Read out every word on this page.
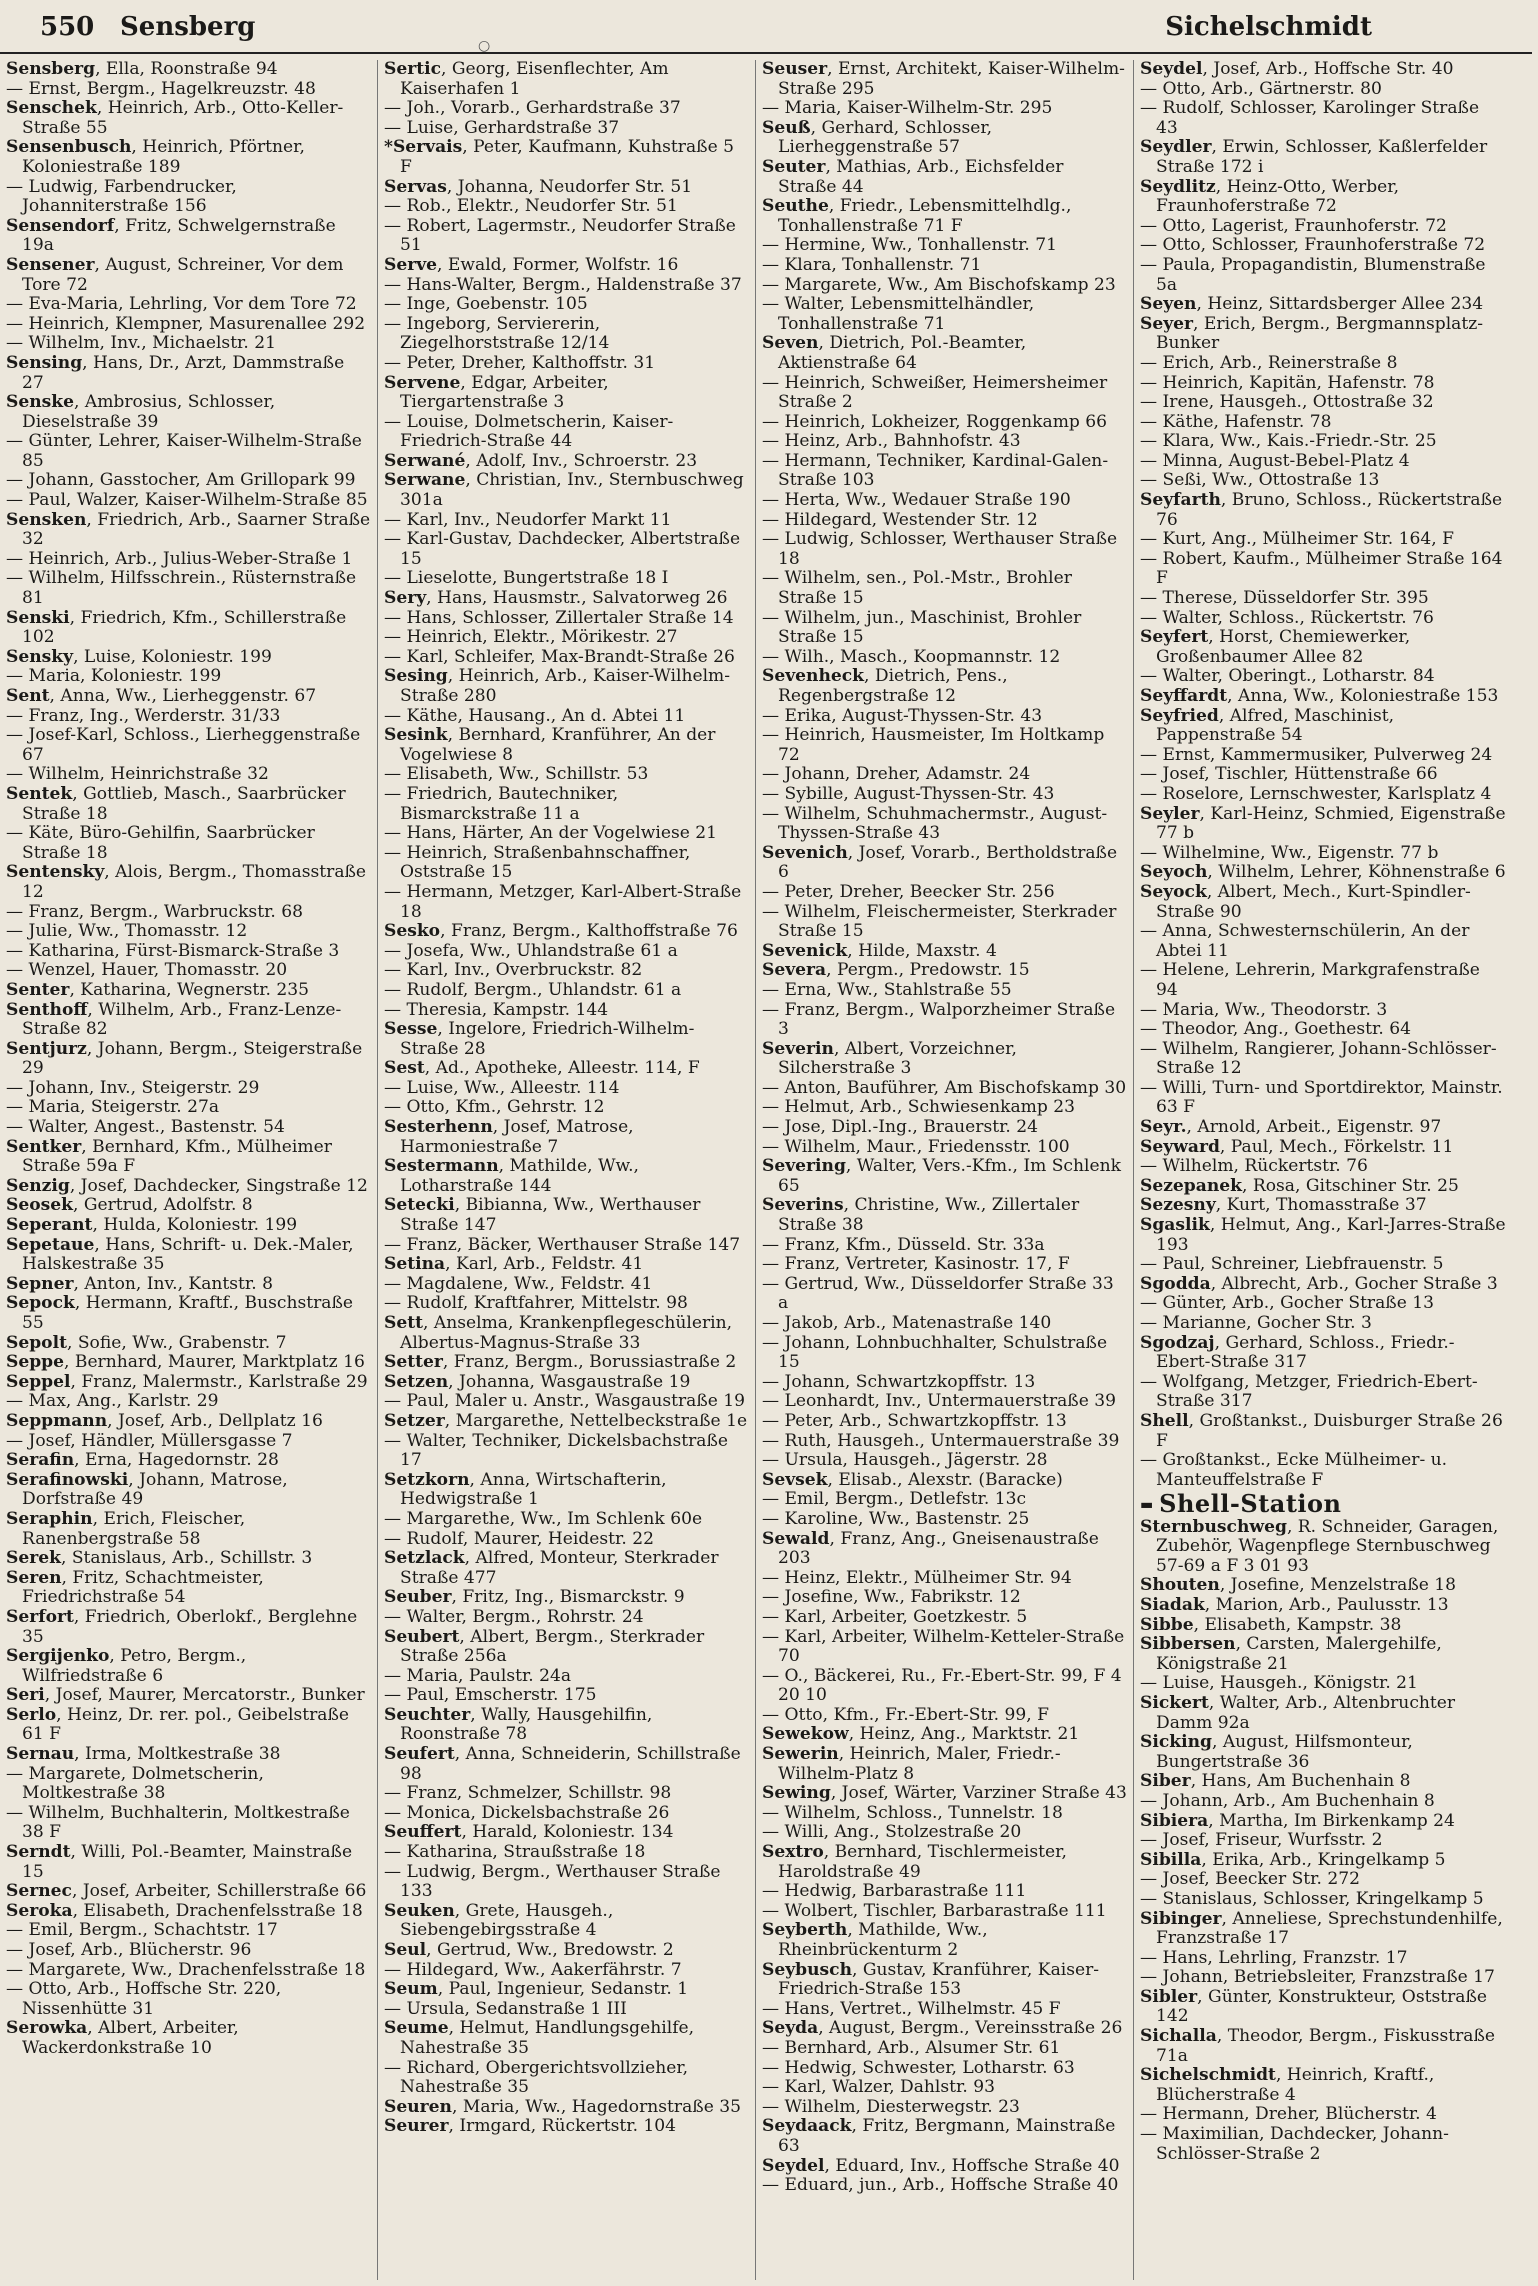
550 Sensberg
○
Sichelschmidt

Sensberg, Ella, Roonstraße 94

— Ernst, Bergm., Hagelkreuzstr. 48

Senschek, Heinrich, Arb., Otto-Keller-Straße 55

Sensenbusch, Heinrich, Pförtner, Koloniestraße 189

— Ludwig, Farbendrucker, Johanniterstraße 156

Sensendorf, Fritz, Schwelgernstraße 19a

Sensener, August, Schreiner, Vor dem Tore 72

— Eva-Maria, Lehrling, Vor dem Tore 72

— Heinrich, Klempner, Masurenallee 292

— Wilhelm, Inv., Michaelstr. 21

Sensing, Hans, Dr., Arzt, Dammstraße 27

Senske, Ambrosius, Schlosser, Dieselstraße 39

— Günter, Lehrer, Kaiser-Wilhelm-Straße 85

— Johann, Gasstocher, Am Grillopark 99

— Paul, Walzer, Kaiser-Wilhelm-Straße 85

Sensken, Friedrich, Arb., Saarner Straße 32

— Heinrich, Arb., Julius-Weber-Straße 1

— Wilhelm, Hilfsschrein., Rüsternstraße 81

Senski, Friedrich, Kfm., Schillerstraße 102

Sensky, Luise, Koloniestr. 199

— Maria, Koloniestr. 199

Sent, Anna, Ww., Lierheggenstr. 67

— Franz, Ing., Werderstr. 31/33

— Josef-Karl, Schloss., Lierheggenstraße 67

— Wilhelm, Heinrichstraße 32

Sentek, Gottlieb, Masch., Saarbrücker Straße 18

— Käte, Büro-Gehilfin, Saarbrücker Straße 18

Sentensky, Alois, Bergm., Thomasstraße 12

— Franz, Bergm., Warbruckstr. 68

— Julie, Ww., Thomasstr. 12

— Katharina, Fürst-Bismarck-Straße 3

— Wenzel, Hauer, Thomasstr. 20

Senter, Katharina, Wegnerstr. 235

Senthoff, Wilhelm, Arb., Franz-Lenze-Straße 82

Sentjurz, Johann, Bergm., Steigerstraße 29

— Johann, Inv., Steigerstr. 29

— Maria, Steigerstr. 27a

— Walter, Angest., Bastenstr. 54

Sentker, Bernhard, Kfm., Mülheimer Straße 59a F

Senzig, Josef, Dachdecker, Singstraße 12

Seosek, Gertrud, Adolfstr. 8

Seperant, Hulda, Koloniestr. 199

Sepetaue, Hans, Schrift- u. Dek.-Maler, Halskestraße 35

Sepner, Anton, Inv., Kantstr. 8

Sepock, Hermann, Kraftf., Buschstraße 55

Sepolt, Sofie, Ww., Grabenstr. 7

Seppe, Bernhard, Maurer, Marktplatz 16

Seppel, Franz, Malermstr., Karlstraße 29

— Max, Ang., Karlstr. 29

Seppmann, Josef, Arb., Dellplatz 16

— Josef, Händler, Müllersgasse 7

Serafin, Erna, Hagedornstr. 28

Serafinowski, Johann, Matrose, Dorfstraße 49

Seraphin, Erich, Fleischer, Ranenbergstraße 58

Serek, Stanislaus, Arb., Schillstr. 3

Seren, Fritz, Schachtmeister, Friedrichstraße 54

Serfort, Friedrich, Oberlokf., Berglehne 35

Sergijenko, Petro, Bergm., Wilfriedstraße 6

Seri, Josef, Maurer, Mercatorstr., Bunker

Serlo, Heinz, Dr. rer. pol., Geibelstraße 61 F

Sernau, Irma, Moltkestraße 38

— Margarete, Dolmetscherin, Moltkestraße 38

— Wilhelm, Buchhalterin, Moltkestraße 38 F

Serndt, Willi, Pol.-Beamter, Mainstraße 15

Sernec, Josef, Arbeiter, Schillerstraße 66

Seroka, Elisabeth, Drachenfelsstraße 18

— Emil, Bergm., Schachtstr. 17

— Josef, Arb., Blücherstr. 96

— Margarete, Ww., Drachenfelsstraße 18

— Otto, Arb., Hoffsche Str. 220, Nissenhütte 31

Serowka, Albert, Arbeiter, Wackerdonkstraße 10

Sertic, Georg, Eisenflechter, Am Kaiserhafen 1

— Joh., Vorarb., Gerhardstraße 37

— Luise, Gerhardstraße 37

*Servais, Peter, Kaufmann, Kuhstraße 5 F

Servas, Johanna, Neudorfer Str. 51

— Rob., Elektr., Neudorfer Str. 51

— Robert, Lagermstr., Neudorfer Straße 51

Serve, Ewald, Former, Wolfstr. 16

— Hans-Walter, Bergm., Haldenstraße 37

— Inge, Goebenstr. 105

— Ingeborg, Serviererin, Ziegelhorststraße 12/14

— Peter, Dreher, Kalthoffstr. 31

Servene, Edgar, Arbeiter, Tiergartenstraße 3

— Louise, Dolmetscherin, Kaiser-Friedrich-Straße 44

Serwané, Adolf, Inv., Schroerstr. 23

Serwane, Christian, Inv., Sternbuschweg 301a

— Karl, Inv., Neudorfer Markt 11

— Karl-Gustav, Dachdecker, Albertstraße 15

— Lieselotte, Bungertstraße 18 I

Sery, Hans, Hausmstr., Salvatorweg 26

— Hans, Schlosser, Zillertaler Straße 14

— Heinrich, Elektr., Mörikestr. 27

— Karl, Schleifer, Max-Brandt-Straße 26

Sesing, Heinrich, Arb., Kaiser-Wilhelm-Straße 280

— Käthe, Hausang., An d. Abtei 11

Sesink, Bernhard, Kranführer, An der Vogelwiese 8

— Elisabeth, Ww., Schillstr. 53

— Friedrich, Bautechniker, Bismarckstraße 11 a

— Hans, Härter, An der Vogelwiese 21

— Heinrich, Straßenbahnschaffner, Oststraße 15

— Hermann, Metzger, Karl-Albert-Straße 18

Sesko, Franz, Bergm., Kalthoffstraße 76

— Josefa, Ww., Uhlandstraße 61 a

— Karl, Inv., Overbruckstr. 82

— Rudolf, Bergm., Uhlandstr. 61 a

— Theresia, Kampstr. 144

Sesse, Ingelore, Friedrich-Wilhelm-Straße 28

Sest, Ad., Apotheke, Alleestr. 114, F

— Luise, Ww., Alleestr. 114

— Otto, Kfm., Gehrstr. 12

Sesterhenn, Josef, Matrose, Harmoniestraße 7

Sestermann, Mathilde, Ww., Lotharstraße 144

Setecki, Bibianna, Ww., Werthauser Straße 147

— Franz, Bäcker, Werthauser Straße 147

Setina, Karl, Arb., Feldstr. 41

— Magdalene, Ww., Feldstr. 41

— Rudolf, Kraftfahrer, Mittelstr. 98

Sett, Anselma, Krankenpflegeschülerin, Albertus-Magnus-Straße 33

Setter, Franz, Bergm., Borussiastraße 2

Setzen, Johanna, Wasgaustraße 19

— Paul, Maler u. Anstr., Wasgaustraße 19

Setzer, Margarethe, Nettelbeckstraße 1e

— Walter, Techniker, Dickelsbachstraße 17

Setzkorn, Anna, Wirtschafterin, Hedwigstraße 1

— Margarethe, Ww., Im Schlenk 60e

— Rudolf, Maurer, Heidestr. 22

Setzlack, Alfred, Monteur, Sterkrader Straße 477

Seuber, Fritz, Ing., Bismarckstr. 9

— Walter, Bergm., Rohrstr. 24

Seubert, Albert, Bergm., Sterkrader Straße 256a

— Maria, Paulstr. 24a

— Paul, Emscherstr. 175

Seuchter, Wally, Hausgehilfin, Roonstraße 78

Seufert, Anna, Schneiderin, Schillstraße 98

— Franz, Schmelzer, Schillstr. 98

— Monica, Dickelsbachstraße 26

Seuffert, Harald, Koloniestr. 134

— Katharina, Straußstraße 18

— Ludwig, Bergm., Werthauser Straße 133

Seuken, Grete, Hausgeh., Siebengebirgsstraße 4

Seul, Gertrud, Ww., Bredowstr. 2

— Hildegard, Ww., Aakerfährstr. 7

Seum, Paul, Ingenieur, Sedanstr. 1

— Ursula, Sedanstraße 1 III

Seume, Helmut, Handlungsgehilfe, Nahestraße 35

— Richard, Obergerichtsvollzieher, Nahestraße 35

Seuren, Maria, Ww., Hagedornstraße 35

Seurer, Irmgard, Rückertstr. 104

Seuser, Ernst, Architekt, Kaiser-Wilhelm-Straße 295

— Maria, Kaiser-Wilhelm-Str. 295

Seuß, Gerhard, Schlosser, Lierheggenstraße 57

Seuter, Mathias, Arb., Eichsfelder Straße 44

Seuthe, Friedr., Lebensmittelhdlg., Tonhallenstraße 71 F

— Hermine, Ww., Tonhallenstr. 71

— Klara, Tonhallenstr. 71

— Margarete, Ww., Am Bischofskamp 23

— Walter, Lebensmittelhändler, Tonhallenstraße 71

Seven, Dietrich, Pol.-Beamter, Aktienstraße 64

— Heinrich, Schweißer, Heimersheimer Straße 2

— Heinrich, Lokheizer, Roggenkamp 66

— Heinz, Arb., Bahnhofstr. 43

— Hermann, Techniker, Kardinal-Galen-Straße 103

— Herta, Ww., Wedauer Straße 190

— Hildegard, Westender Str. 12

— Ludwig, Schlosser, Werthauser Straße 18

— Wilhelm, sen., Pol.-Mstr., Brohler Straße 15

— Wilhelm, jun., Maschinist, Brohler Straße 15

— Wilh., Masch., Koopmannstr. 12

Sevenheck, Dietrich, Pens., Regenbergstraße 12

— Erika, August-Thyssen-Str. 43

— Heinrich, Hausmeister, Im Holtkamp 72

— Johann, Dreher, Adamstr. 24

— Sybille, August-Thyssen-Str. 43

— Wilhelm, Schuhmachermstr., August-Thyssen-Straße 43

Sevenich, Josef, Vorarb., Bertholdstraße 6

— Peter, Dreher, Beecker Str. 256

— Wilhelm, Fleischermeister, Sterkrader Straße 15

Sevenick, Hilde, Maxstr. 4

Severa, Pergm., Predowstr. 15

— Erna, Ww., Stahlstraße 55

— Franz, Bergm., Walporzheimer Straße 3

Severin, Albert, Vorzeichner, Silcherstraße 3

— Anton, Bauführer, Am Bischofskamp 30

— Helmut, Arb., Schwiesenkamp 23

— Jose, Dipl.-Ing., Brauerstr. 24

— Wilhelm, Maur., Friedensstr. 100

Severing, Walter, Vers.-Kfm., Im Schlenk 65

Severins, Christine, Ww., Zillertaler Straße 38

— Franz, Kfm., Düsseld. Str. 33a

— Franz, Vertreter, Kasinostr. 17, F

— Gertrud, Ww., Düsseldorfer Straße 33 a

— Jakob, Arb., Matenastraße 140

— Johann, Lohnbuchhalter, Schulstraße 15

— Johann, Schwartzkopffstr. 13

— Leonhardt, Inv., Untermauerstraße 39

— Peter, Arb., Schwartzkopffstr. 13

— Ruth, Hausgeh., Untermauerstraße 39

— Ursula, Hausgeh., Jägerstr. 28

Sevsek, Elisab., Alexstr. (Baracke)

— Emil, Bergm., Detlefstr. 13c

— Karoline, Ww., Bastenstr. 25

Sewald, Franz, Ang., Gneisenaustraße 203

— Heinz, Elektr., Mülheimer Str. 94

— Josefine, Ww., Fabrikstr. 12

— Karl, Arbeiter, Goetzkestr. 5

— Karl, Arbeiter, Wilhelm-Ketteler-Straße 70

— O., Bäckerei, Ru., Fr.-Ebert-Str. 99, F 4 20 10

— Otto, Kfm., Fr.-Ebert-Str. 99, F

Sewekow, Heinz, Ang., Marktstr. 21

Sewerin, Heinrich, Maler, Friedr.-Wilhelm-Platz 8

Sewing, Josef, Wärter, Varziner Straße 43

— Wilhelm, Schloss., Tunnelstr. 18

— Willi, Ang., Stolzestraße 20

Sextro, Bernhard, Tischlermeister, Haroldstraße 49

— Hedwig, Barbarastraße 111

— Wolbert, Tischler, Barbarastraße 111

Seyberth, Mathilde, Ww., Rheinbrückenturm 2

Seybusch, Gustav, Kranführer, Kaiser-Friedrich-Straße 153

— Hans, Vertret., Wilhelmstr. 45 F

Seyda, August, Bergm., Vereinsstraße 26

— Bernhard, Arb., Alsumer Str. 61

— Hedwig, Schwester, Lotharstr. 63

— Karl, Walzer, Dahlstr. 93

— Wilhelm, Diesterwegstr. 23

Seydaack, Fritz, Bergmann, Mainstraße 63

Seydel, Eduard, Inv., Hoffsche Straße 40

— Eduard, jun., Arb., Hoffsche Straße 40

Seydel, Josef, Arb., Hoffsche Str. 40

— Otto, Arb., Gärtnerstr. 80

— Rudolf, Schlosser, Karolinger Straße 43

Seydler, Erwin, Schlosser, Kaßlerfelder Straße 172 i

Seydlitz, Heinz-Otto, Werber, Fraunhoferstraße 72

— Otto, Lagerist, Fraunhoferstr. 72

— Otto, Schlosser, Fraunhoferstraße 72

— Paula, Propagandistin, Blumenstraße 5a

Seyen, Heinz, Sittardsberger Allee 234

Seyer, Erich, Bergm., Bergmannsplatz-Bunker

— Erich, Arb., Reinerstraße 8

— Heinrich, Kapitän, Hafenstr. 78

— Irene, Hausgeh., Ottostraße 32

— Käthe, Hafenstr. 78

— Klara, Ww., Kais.-Friedr.-Str. 25

— Minna, August-Bebel-Platz 4

— Seßi, Ww., Ottostraße 13

Seyfarth, Bruno, Schloss., Rückertstraße 76

— Kurt, Ang., Mülheimer Str. 164, F

— Robert, Kaufm., Mülheimer Straße 164 F

— Therese, Düsseldorfer Str. 395

— Walter, Schloss., Rückertstr. 76

Seyfert, Horst, Chemiewerker, Großenbaumer Allee 82

— Walter, Oberingt., Lotharstr. 84

Seyffardt, Anna, Ww., Koloniestraße 153

Seyfried, Alfred, Maschinist, Pappenstraße 54

— Ernst, Kammermusiker, Pulverweg 24

— Josef, Tischler, Hüttenstraße 66

— Roselore, Lernschwester, Karlsplatz 4

Seyler, Karl-Heinz, Schmied, Eigenstraße 77 b

— Wilhelmine, Ww., Eigenstr. 77 b

Seyoch, Wilhelm, Lehrer, Köhnenstraße 6

Seyock, Albert, Mech., Kurt-Spindler-Straße 90

— Anna, Schwesternschülerin, An der Abtei 11

— Helene, Lehrerin, Markgrafenstraße 94

— Maria, Ww., Theodorstr. 3

— Theodor, Ang., Goethestr. 64

— Wilhelm, Rangierer, Johann-Schlösser-Straße 12

— Willi, Turn- und Sportdirektor, Mainstr. 63 F

Seyr., Arnold, Arbeit., Eigenstr. 97

Seyward, Paul, Mech., Förkelstr. 11

— Wilhelm, Rückertstr. 76

Sezepanek, Rosa, Gitschiner Str. 25

Sezesny, Kurt, Thomasstraße 37

Sgaslik, Helmut, Ang., Karl-Jarres-Straße 193

— Paul, Schreiner, Liebfrauenstr. 5

Sgodda, Albrecht, Arb., Gocher Straße 3

— Günter, Arb., Gocher Straße 13

— Marianne, Gocher Str. 3

Sgodzaj, Gerhard, Schloss., Friedr.-Ebert-Straße 317

— Wolfgang, Metzger, Friedrich-Ebert-Straße 317

Shell, Großtankst., Duisburger Straße 26 F

— Großtankst., Ecke Mülheimer- u. Manteuffelstraße F

▬ Shell-Station

Sternbuschweg, R. Schneider, Garagen, Zubehör, Wagenpflege Sternbuschweg 57-69 a F 3 01 93

Shouten, Josefine, Menzelstraße 18

Siadak, Marion, Arb., Paulusstr. 13

Sibbe, Elisabeth, Kampstr. 38

Sibbersen, Carsten, Malergehilfe, Königstraße 21

— Luise, Hausgeh., Königstr. 21

Sickert, Walter, Arb., Altenbruchter Damm 92a

Sicking, August, Hilfsmonteur, Bungertstraße 36

Siber, Hans, Am Buchenhain 8

— Johann, Arb., Am Buchenhain 8

Sibiera, Martha, Im Birkenkamp 24

— Josef, Friseur, Wurfsstr. 2

Sibilla, Erika, Arb., Kringelkamp 5

— Josef, Beecker Str. 272

— Stanislaus, Schlosser, Kringelkamp 5

Sibinger, Anneliese, Sprechstundenhilfe, Franzstraße 17

— Hans, Lehrling, Franzstr. 17

— Johann, Betriebsleiter, Franzstraße 17

Sibler, Günter, Konstrukteur, Oststraße 142

Sichalla, Theodor, Bergm., Fiskusstraße 71a

Sichelschmidt, Heinrich, Kraftf., Blücherstraße 4

— Hermann, Dreher, Blücherstr. 4

— Maximilian, Dachdecker, Johann-Schlösser-Straße 2
